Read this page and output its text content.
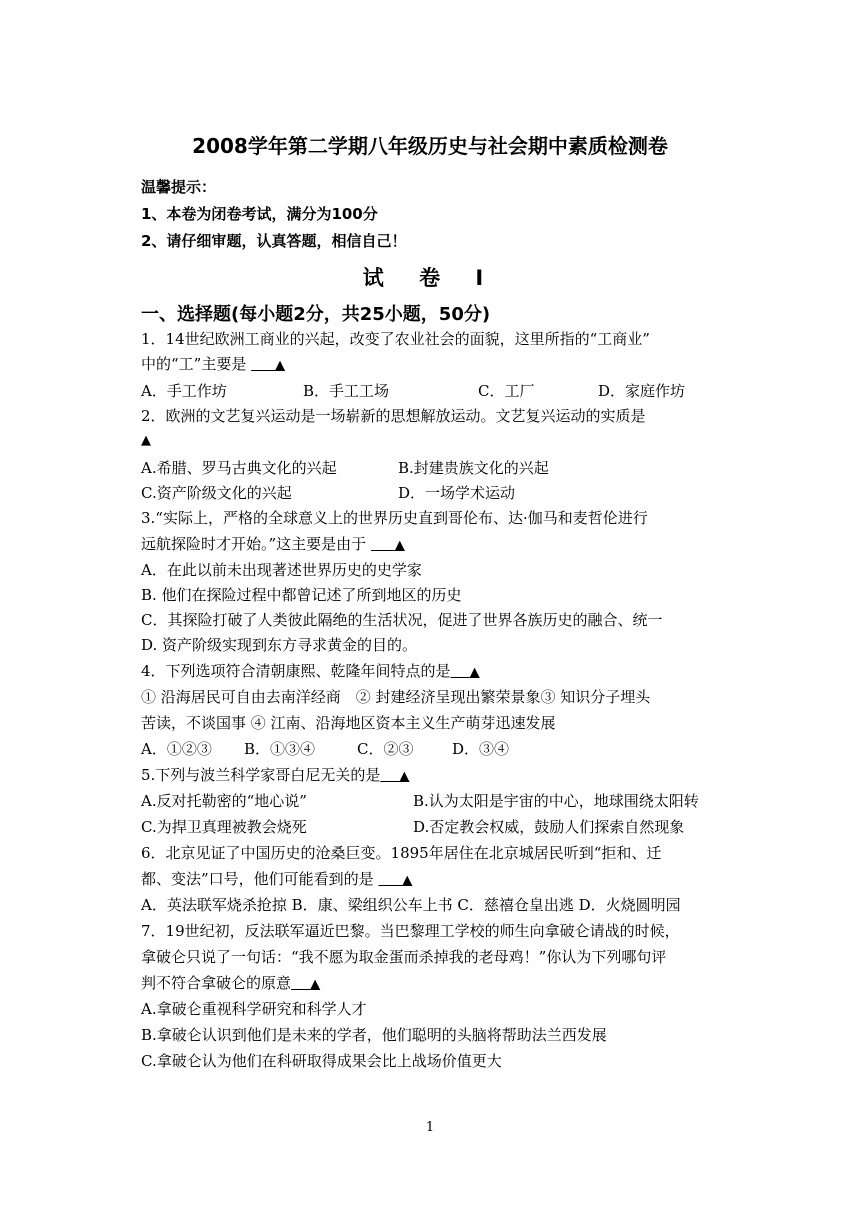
2008学年第二学期八年级历史与社会期中素质检测卷
温馨提示：
1、本卷为闭卷考试，满分为100分
2、请仔细审题，认真答题，相信自己！
试 卷 I
一、选择题(每小题2分，共25小题，50分)
1．14世纪欧洲工商业的兴起，改变了农业社会的面貌，这里所指的“工商业”
中的“工”主要是 ▲
A．手工作坊	B．手工工场	C．工厂	D．家庭作坊
2．欧洲的文艺复兴运动是一场崭新的思想解放运动。文艺复兴运动的实质是
▲
A.希腊、罗马古典文化的兴起	B.封建贵族文化的兴起
C.资产阶级文化的兴起	D．一场学术运动
3.“实际上，严格的全球意义上的世界历史直到哥伦布、达·伽马和麦哲伦进行
远航探险时才开始。”这主要是由于 ▲
A．在此以前未出现著述世界历史的史学家
B. 他们在探险过程中都曾记述了所到地区的历史
C．其探险打破了人类彼此隔绝的生活状况，促进了世界各族历史的融合、统一
D. 资产阶级实现到东方寻求黄金的目的。
4．下列选项符合清朝康熙、乾隆年间特点的是 ▲
① 沿海居民可自由去南洋经商　② 封建经济呈现出繁荣景象③ 知识分子埋头
苦读，不谈国事 ④ 江南、沿海地区资本主义生产萌芽迅速发展
A．①②③ B．①③④	C．②③	D．③④
5.下列与波兰科学家哥白尼无关的是 ▲
A.反对托勒密的“地心说”	B.认为太阳是宇宙的中心，地球围绕太阳转
C.为捍卫真理被教会烧死	D.否定教会权威，鼓励人们探索自然现象
6．北京见证了中国历史的沧桑巨变。1895年居住在北京城居民听到“拒和、迁
都、变法”口号，他们可能看到的是 ▲
A．英法联军烧杀抢掠 B．康、梁组织公车上书 C．慈禧仓皇出逃 D．火烧圆明园
7．19世纪初，反法联军逼近巴黎。当巴黎理工学校的师生向拿破仑请战的时候，
拿破仑只说了一句话：“我不愿为取金蛋而杀掉我的老母鸡！”你认为下列哪句评
判不符合拿破仑的原意 ▲
A.拿破仑重视科学研究和科学人才
B.拿破仑认识到他们是未来的学者，他们聪明的头脑将帮助法兰西发展
C.拿破仑认为他们在科研取得成果会比上战场价值更大
1
